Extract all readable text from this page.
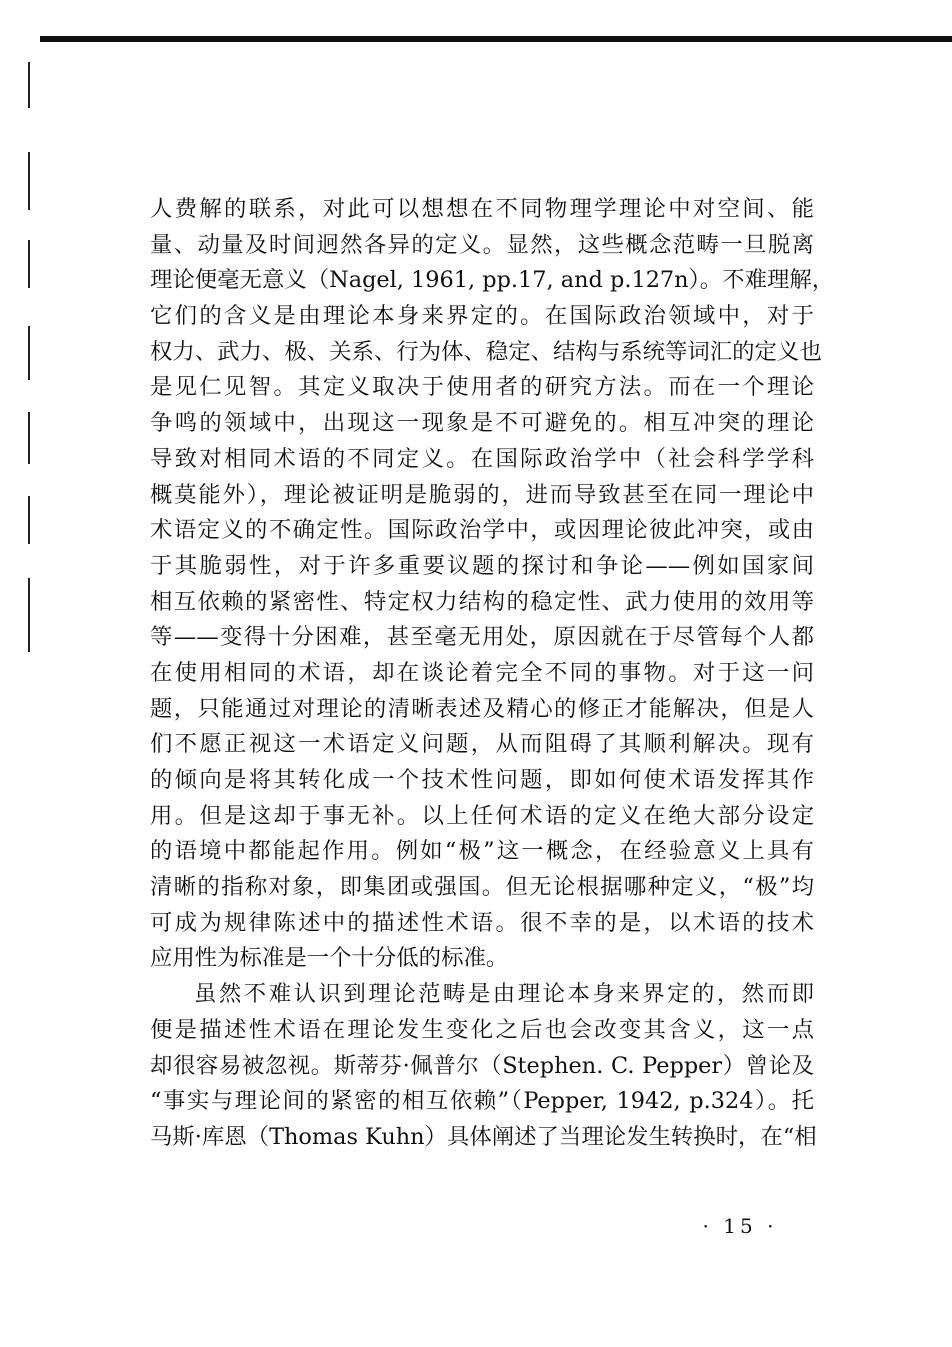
人费解的联系，对此可以想想在不同物理学理论中对空间、能
量、动量及时间迥然各异的定义。显然，这些概念范畴一旦脱离
理论便毫无意义（Nagel, 1961, pp.17, and p.127n）。不难理解，
它们的含义是由理论本身来界定的。在国际政治领域中，对于
权力、武力、极、关系、行为体、稳定、结构与系统等词汇的定义也
是见仁见智。其定义取决于使用者的研究方法。而在一个理论
争鸣的领域中，出现这一现象是不可避免的。相互冲突的理论
导致对相同术语的不同定义。在国际政治学中（社会科学学科
概莫能外），理论被证明是脆弱的，进而导致甚至在同一理论中
术语定义的不确定性。国际政治学中，或因理论彼此冲突，或由
于其脆弱性，对于许多重要议题的探讨和争论——例如国家间
相互依赖的紧密性、特定权力结构的稳定性、武力使用的效用等
等——变得十分困难，甚至毫无用处，原因就在于尽管每个人都
在使用相同的术语，却在谈论着完全不同的事物。对于这一问
题，只能通过对理论的清晰表述及精心的修正才能解决，但是人
们不愿正视这一术语定义问题，从而阻碍了其顺利解决。现有
的倾向是将其转化成一个技术性问题，即如何使术语发挥其作
用。但是这却于事无补。以上任何术语的定义在绝大部分设定
的语境中都能起作用。例如“极”这一概念，在经验意义上具有
清晰的指称对象，即集团或强国。但无论根据哪种定义，“极”均
可成为规律陈述中的描述性术语。很不幸的是，以术语的技术
应用性为标准是一个十分低的标准。
虽然不难认识到理论范畴是由理论本身来界定的，然而即
便是描述性术语在理论发生变化之后也会改变其含义，这一点
却很容易被忽视。斯蒂芬·佩普尔（Stephen. C. Pepper）曾论及
“事实与理论间的紧密的相互依赖”（Pepper, 1942, p.324）。托
马斯·库恩（Thomas Kuhn）具体阐述了当理论发生转换时，在“相
· 15 ·
